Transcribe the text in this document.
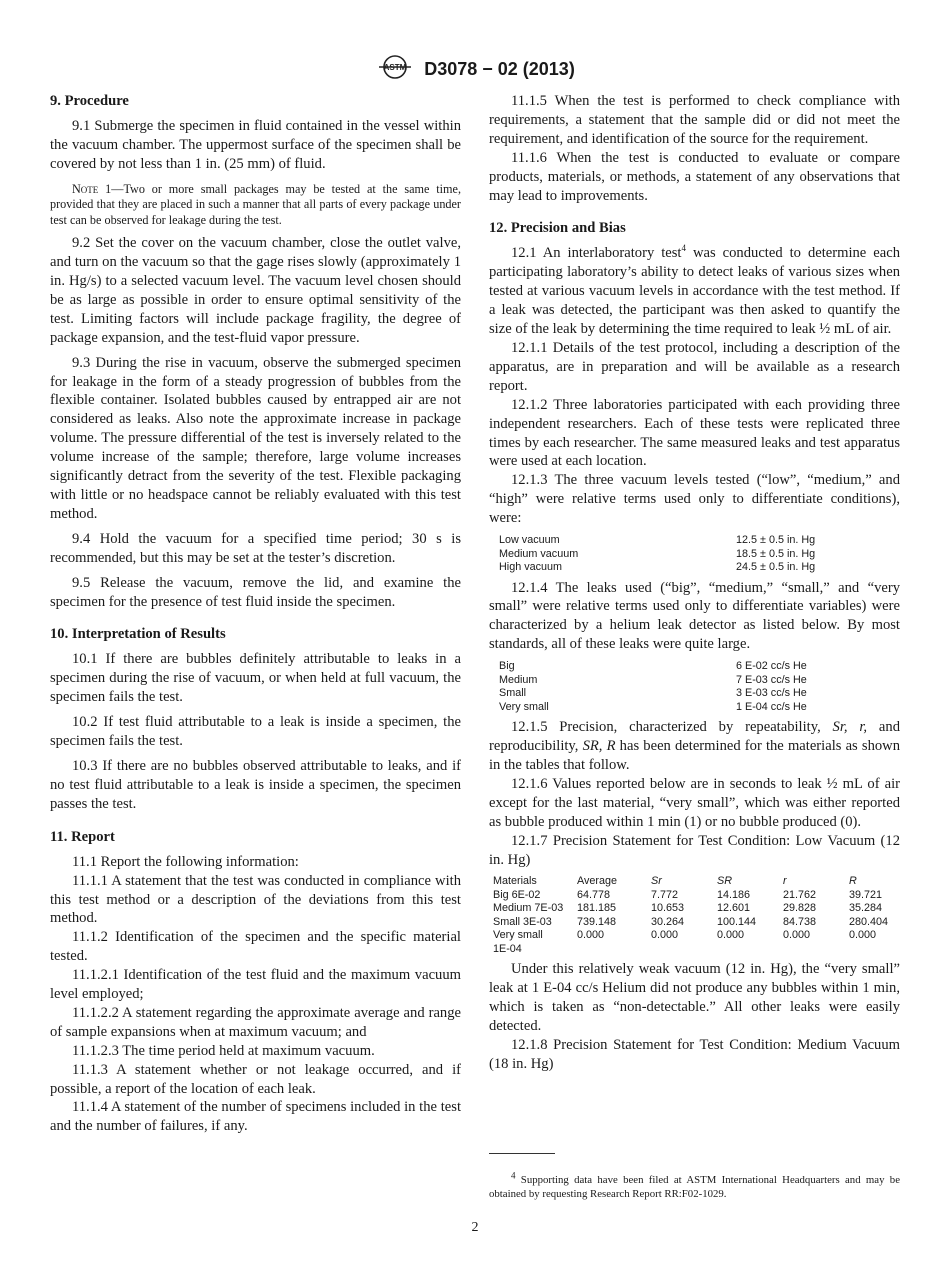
ASTM D3078 − 02 (2013)
9. Procedure

9.1 Submerge the specimen in fluid contained in the vessel within the vacuum chamber. The uppermost surface of the specimen shall be covered by not less than 1 in. (25 mm) of fluid.

Note 1—Two or more small packages may be tested at the same time, provided that they are placed in such a manner that all parts of every package under test can be observed for leakage during the test.

9.2 Set the cover on the vacuum chamber, close the outlet valve, and turn on the vacuum so that the gage rises slowly (approximately 1 in. Hg/s) to a selected vacuum level. The vacuum level chosen should be as large as possible in order to ensure optimal sensitivity of the test. Limiting factors will include package fragility, the degree of package expansion, and the test-fluid vapor pressure.

9.3 During the rise in vacuum, observe the submerged specimen for leakage in the form of a steady progression of bubbles from the flexible container. Isolated bubbles caused by entrapped air are not considered as leaks. Also note the approximate increase in package volume. The pressure differential of the test is inversely related to the volume increase of the sample; therefore, large volume increases significantly detract from the severity of the test. Flexible packaging with little or no headspace cannot be reliably evaluated with this test method.

9.4 Hold the vacuum for a specified time period; 30 s is recommended, but this may be set at the tester’s discretion.

9.5 Release the vacuum, remove the lid, and examine the specimen for the presence of test fluid inside the specimen.

10. Interpretation of Results

10.1 If there are bubbles definitely attributable to leaks in a specimen during the rise of vacuum, or when held at full vacuum, the specimen fails the test.

10.2 If test fluid attributable to a leak is inside a specimen, the specimen fails the test.

10.3 If there are no bubbles observed attributable to leaks, and if no test fluid attributable to a leak is inside a specimen, the specimen passes the test.

11. Report

11.1 Report the following information:

11.1.1 A statement that the test was conducted in compliance with this test method or a description of the deviations from this test method.

11.1.2 Identification of the specimen and the specific material tested.

11.1.2.1 Identification of the test fluid and the maximum vacuum level employed;

11.1.2.2 A statement regarding the approximate average and range of sample expansions when at maximum vacuum; and

11.1.2.3 The time period held at maximum vacuum.

11.1.3 A statement whether or not leakage occurred, and if possible, a report of the location of each leak.

11.1.4 A statement of the number of specimens included in the test and the number of failures, if any.

11.1.5 When the test is performed to check compliance with requirements, a statement that the sample did or did not meet the requirement, and identification of the source for the requirement.

11.1.6 When the test is conducted to evaluate or compare products, materials, or methods, a statement of any observations that may lead to improvements.

12. Precision and Bias

12.1 An interlaboratory test$^4$ was conducted to determine each participating laboratory’s ability to detect leaks of various sizes when tested at various vacuum levels in accordance with the test method. If a leak was detected, the participant was then asked to quantify the size of the leak by determining the time required to leak ½ mL of air.

12.1.1 Details of the test protocol, including a description of the apparatus, are in preparation and will be available as a research report.

12.1.2 Three laboratories participated with each providing three independent researchers. Each of these tests were replicated three times by each researcher. The same measured leaks and test apparatus were used at each location.

12.1.3 The three vacuum levels tested (“low”, “medium,” and “high” were relative terms used only to differentiate conditions), were:

Low vacuum	12.5 ± 0.5 in. Hg
Medium vacuum	18.5 ± 0.5 in. Hg
High vacuum	24.5 ± 0.5 in. Hg

12.1.4 The leaks used (“big”, “medium,” “small,” and “very small” were relative terms used only to differentiate variables) were characterized by a helium leak detector as listed below. By most standards, all of these leaks were quite large.

Big	6 E-02 cc/s He
Medium	7 E-03 cc/s He
Small	3 E-03 cc/s He
Very small	1 E-04 cc/s He

12.1.5 Precision, characterized by repeatability, Sr, r, and reproducibility, SR, R has been determined for the materials as shown in the tables that follow.

12.1.6 Values reported below are in seconds to leak ½ mL of air except for the last material, “very small”, which was either reported as bubble produced within 1 min (1) or no bubble produced (0).

12.1.7 Precision Statement for Test Condition: Low Vacuum (12 in. Hg)

Materials	Average	Sr	SR	r	R
Big 6E-02	64.778	7.772	14.186	21.762	39.721
Medium 7E-03	181.185	10.653	12.601	29.828	35.284
Small 3E-03	739.148	30.264	100.144	84.738	280.404
Very small	0.000	0.000	0.000	0.000	0.000
1E-04					

Under this relatively weak vacuum (12 in. Hg), the “very small” leak at 1 E-04 cc/s Helium did not produce any bubbles within 1 min, which is taken as “non-detectable.” All other leaks were easily detected.

12.1.8 Precision Statement for Test Condition: Medium Vacuum (18 in. Hg)

$^4$ Supporting data have been filed at ASTM International Headquarters and may be obtained by requesting Research Report RR:F02-1029.

2
